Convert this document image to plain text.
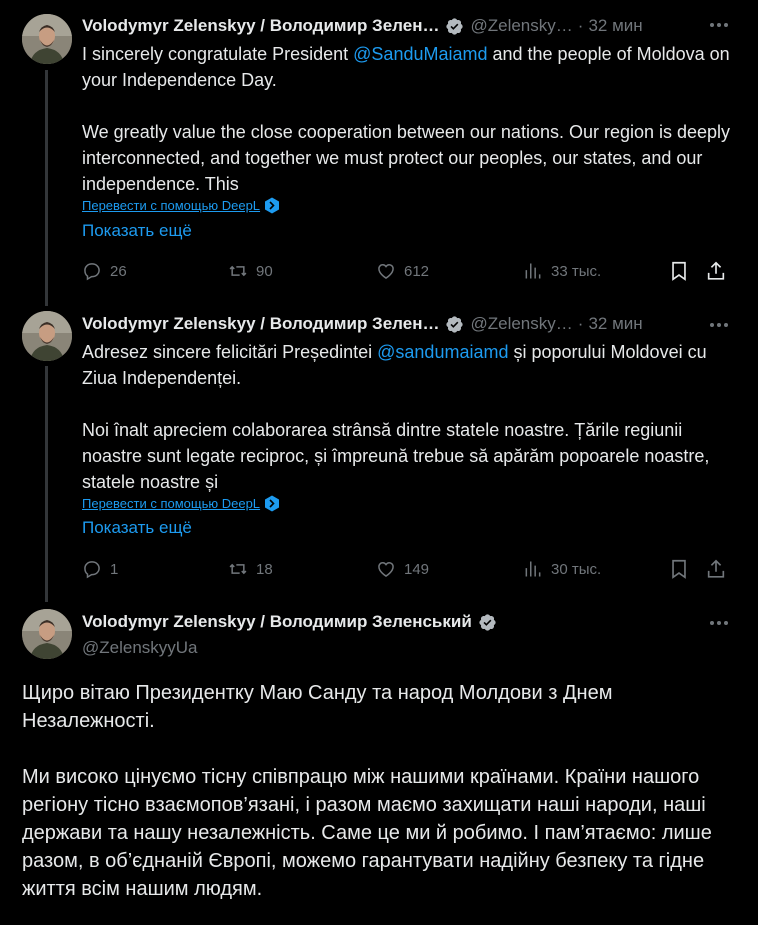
Volodymyr Zelenskyy / Володимир Зелен… @Zelensky… · 32 мин

I sincerely congratulate President @SanduMaiamd and the people of Moldova on your Independence Day.

We greatly value the close cooperation between our nations. Our region is deeply interconnected, and together we must protect our peoples, our states, and our independence. This

Перевести с помощью DeepL
Показать ещё
26	90	612	33 тыс.
Volodymyr Zelenskyy / Володимир Зелен… @Zelensky… · 32 мин

Adresez sincere felicitări Președintei @sandumaiamd și poporului Moldovei cu Ziua Independenței.

Noi înalt apreciem colaborarea strânsă dintre statele noastre. Țările regiunii noastre sunt legate reciproc, și împreună trebue să apărăm popoarele noastre, statele noastre și

Перевести с помощью DeepL
Показать ещё
1	18	149	30 тыс.
Volodymyr Zelenskyy / Володимир Зеленський
@ZelenskyyUa

Щиро вітаю Президентку Маю Санду та народ Молдови з Днем Незалежності.

Ми високо цінуємо тісну співпрацю між нашими країнами. Країни нашого регіону тісно взаємопов’язані, і разом маємо захищати наші народи, наші держави та нашу незалежність. Саме це ми й робимо. І пам’ятаємо: лише разом, в об’єднаній Європі, можемо гарантувати надійну безпеку та гідне життя всім нашим людям.
